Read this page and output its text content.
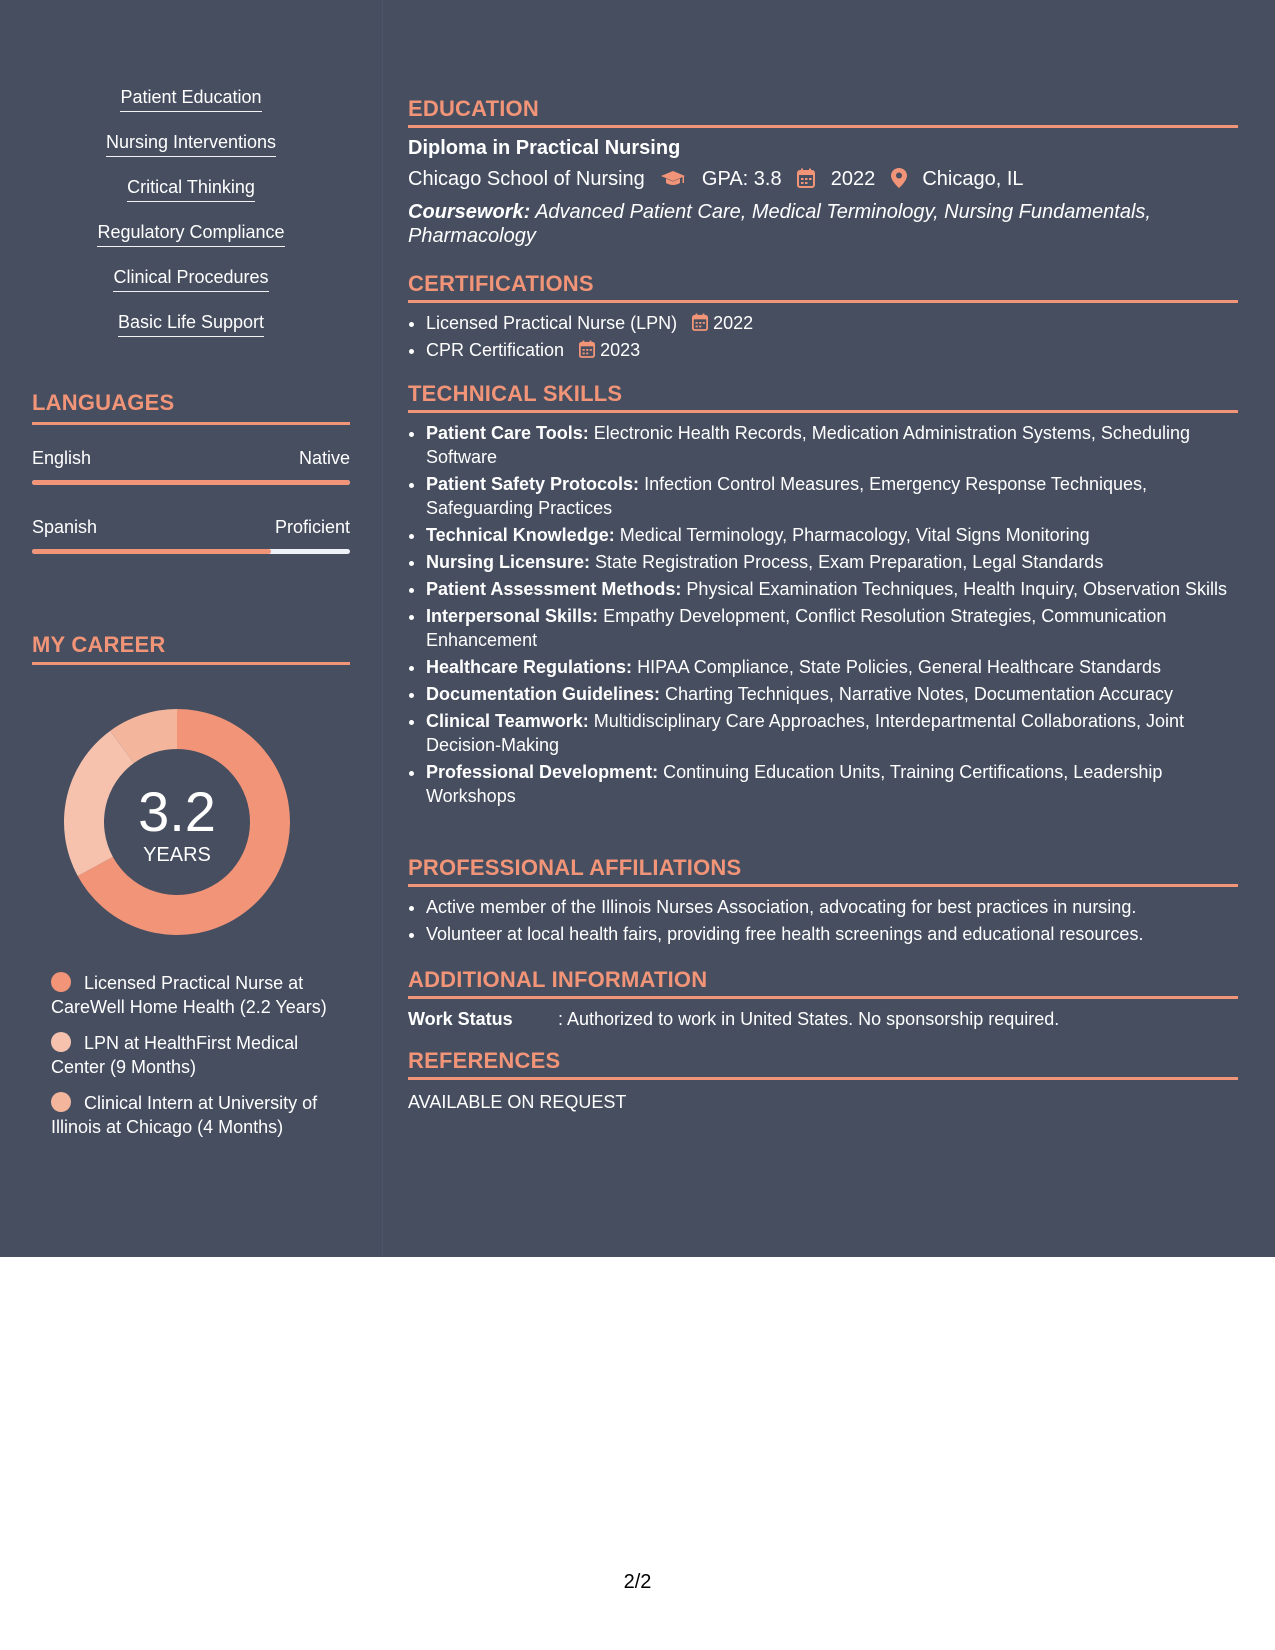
Patient Education
Nursing Interventions
Critical Thinking
Regulatory Compliance
Clinical Procedures
Basic Life Support
LANGUAGES
English	Native
Spanish	Proficient
MY CAREER
3.2
YEARS
Licensed Practical Nurse at CareWell Home Health (2.2 Years)
LPN at HealthFirst Medical Center (9 Months)
Clinical Intern at University of Illinois at Chicago (4 Months)
EDUCATION
Diploma in Practical Nursing
Chicago School of Nursing	GPA: 3.8 2022 Chicago, IL
Coursework: Advanced Patient Care, Medical Terminology, Nursing Fundamentals, Pharmacology
CERTIFICATIONS
• Licensed Practical Nurse (LPN) 2022
• CPR Certification 2023
TECHNICAL SKILLS
• Patient Care Tools: Electronic Health Records, Medication Administration Systems, Scheduling Software
• Patient Safety Protocols: Infection Control Measures, Emergency Response Techniques, Safeguarding Practices
• Technical Knowledge: Medical Terminology, Pharmacology, Vital Signs Monitoring
• Nursing Licensure: State Registration Process, Exam Preparation, Legal Standards
• Patient Assessment Methods: Physical Examination Techniques, Health Inquiry, Observation Skills
• Interpersonal Skills: Empathy Development, Conflict Resolution Strategies, Communication Enhancement
• Healthcare Regulations: HIPAA Compliance, State Policies, General Healthcare Standards
• Documentation Guidelines: Charting Techniques, Narrative Notes, Documentation Accuracy
• Clinical Teamwork: Multidisciplinary Care Approaches, Interdepartmental Collaborations, Joint Decision-Making
• Professional Development: Continuing Education Units, Training Certifications, Leadership Workshops
PROFESSIONAL AFFILIATIONS
• Active member of the Illinois Nurses Association, advocating for best practices in nursing.
• Volunteer at local health fairs, providing free health screenings and educational resources.
ADDITIONAL INFORMATION
Work Status	: Authorized to work in United States. No sponsorship required.
REFERENCES
AVAILABLE ON REQUEST
2/2
